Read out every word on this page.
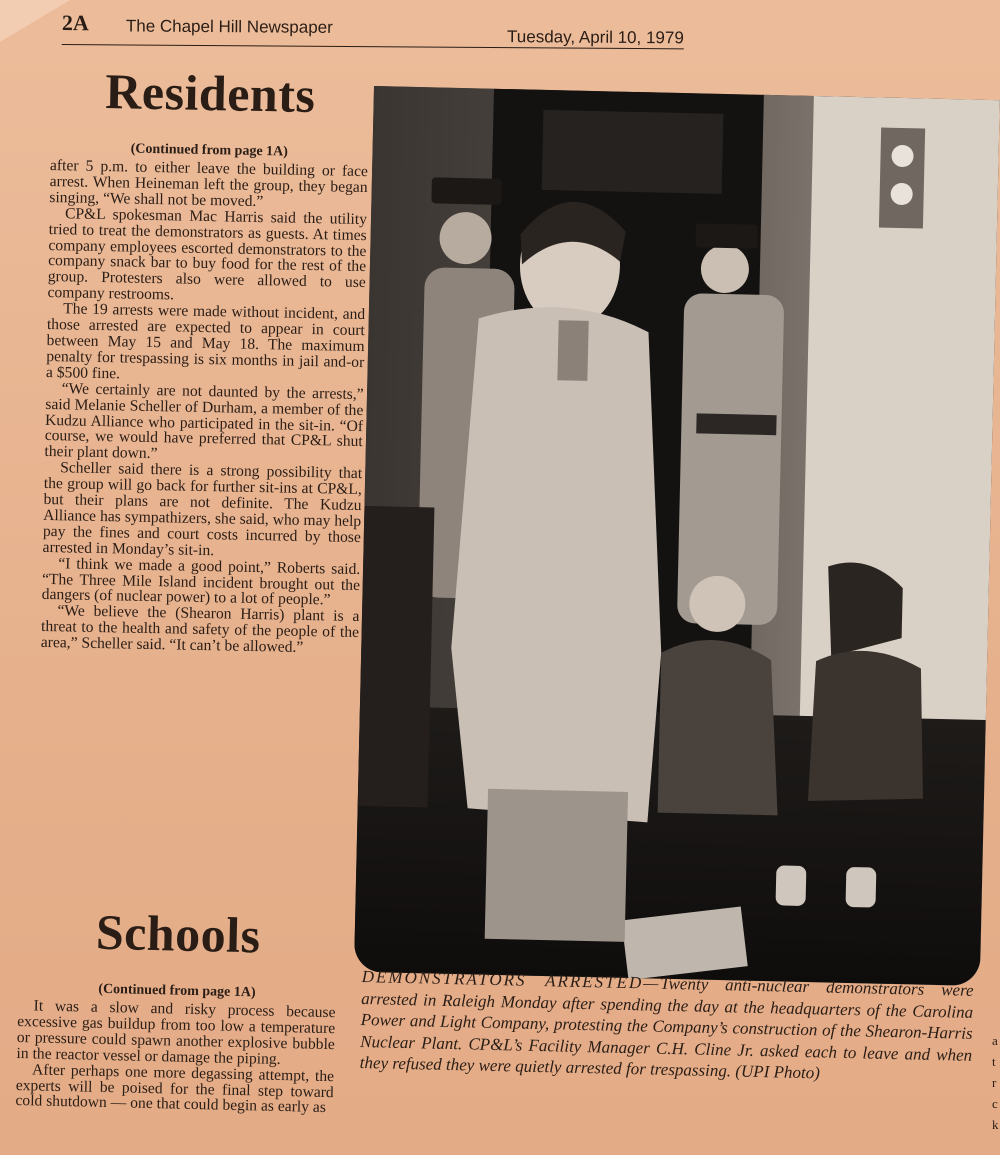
2A The Chapel Hill Newspaper
Tuesday, April 10, 1979
Residents
(Continued from page 1A)

after 5 p.m. to either leave the building or face arrest. When Heineman left the group, they began singing, “We shall not be moved.”

CP&L spokesman Mac Harris said the utility tried to treat the demonstrators as guests. At times company employees escorted demonstrators to the company snack bar to buy food for the rest of the group. Protesters also were allowed to use company restrooms.

The 19 arrests were made without incident, and those arrested are expected to appear in court between May 15 and May 18. The maximum penalty for trespassing is six months in jail and-or a $500 fine.

“We certainly are not daunted by the arrests,” said Melanie Scheller of Durham, a member of the Kudzu Alliance who participated in the sit-in. “Of course, we would have preferred that CP&L shut their plant down.”

Scheller said there is a strong possibility that the group will go back for further sit-ins at CP&L, but their plans are not definite. The Kudzu Alliance has sympathizers, she said, who may help pay the fines and court costs incurred by those arrested in Monday’s sit-in.

“I think we made a good point,” Roberts said. “The Three Mile Island incident brought out the dangers (of nuclear power) to a lot of people.”

“We believe the (Shearon Harris) plant is a threat to the health and safety of the people of the area,” Scheller said. “It can’t be allowed.”

DEMONSTRATORS ARRESTED—Twenty anti-nuclear demonstrators were arrested in Raleigh Monday after spending the day at the headquarters of the Carolina Power and Light Company, protesting the Company’s construction of the Shearon-Harris Nuclear Plant. CP&L’s Facility Manager C.H. Cline Jr. asked each to leave and when they refused they were quietly arrested for trespassing. (UPI Photo)
Schools
(Continued from page 1A)

It was a slow and risky process because excessive gas buildup from too low a temperature or pressure could spawn another explosive bubble in the reactor vessel or damage the piping.

After perhaps one more degassing attempt, the experts will be poised for the final step toward cold shutdown — one that could begin as early as

a
t
r
c
k
